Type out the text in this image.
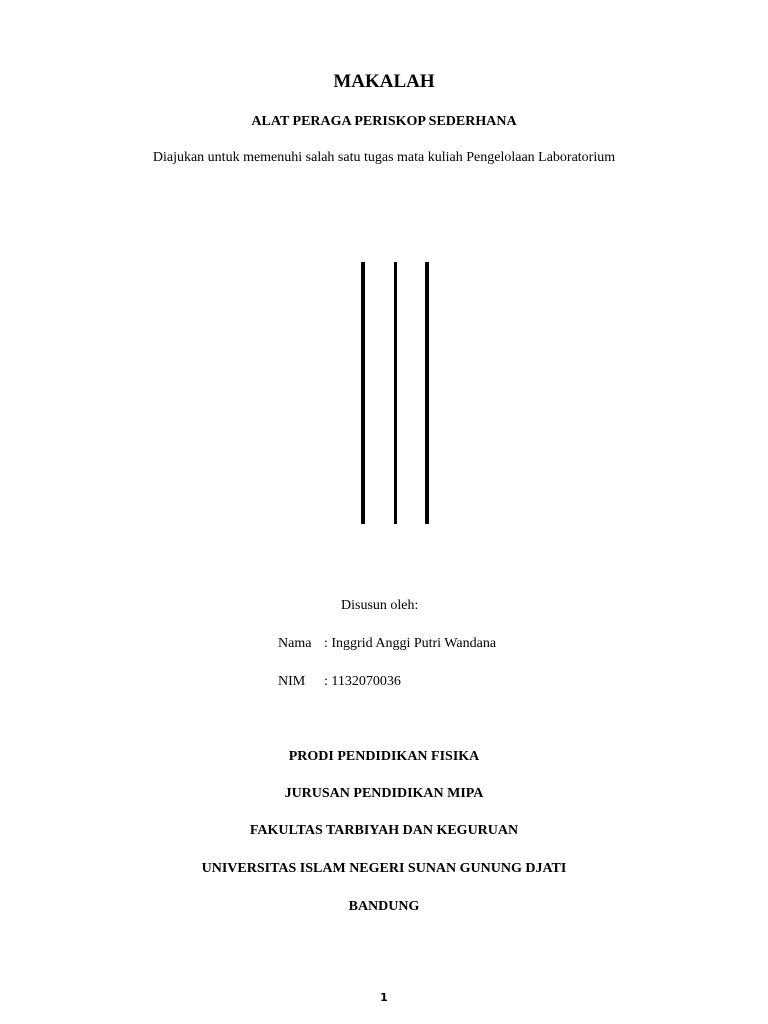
MAKALAH
ALAT PERAGA PERISKOP SEDERHANA
Diajukan untuk memenuhi salah satu tugas mata kuliah Pengelolaan Laboratorium
Disusun oleh:
Nama : Inggrid Anggi Putri Wandana
NIM : 1132070036
PRODI PENDIDIKAN FISIKA
JURUSAN PENDIDIKAN MIPA
FAKULTAS TARBIYAH DAN KEGURUAN
UNIVERSITAS ISLAM NEGERI SUNAN GUNUNG DJATI
BANDUNG
1
